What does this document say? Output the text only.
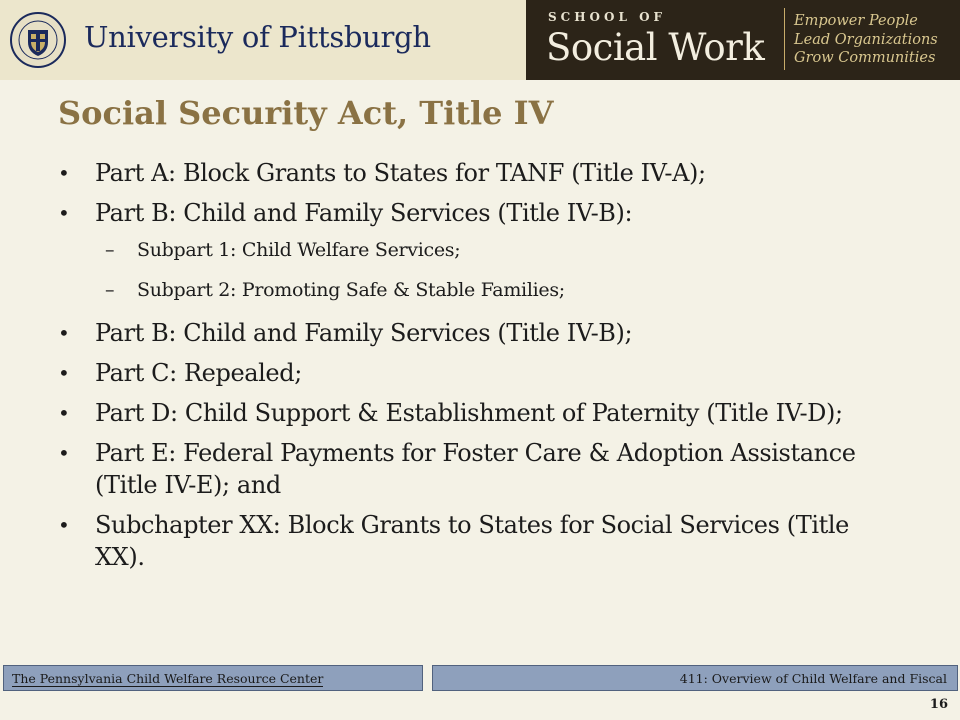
University of Pittsburgh
SCHOOL OF
Social Work
Empower People
Lead Organizations
Grow Communities
Social Security Act, Title IV
• Part A: Block Grants to States for TANF (Title IV-A);
• Part B: Child and Family Services (Title IV-B):
– Subpart 1: Child Welfare Services;
– Subpart 2: Promoting Safe & Stable Families;
• Part B: Child and Family Services (Title IV-B);
• Part C: Repealed;
• Part D: Child Support & Establishment of Paternity (Title IV-D);
• Part E: Federal Payments for Foster Care & Adoption Assistance (Title IV-E); and
• Subchapter XX: Block Grants to States for Social Services (Title XX).
The Pennsylvania Child Welfare Resource Center	411: Overview of Child Welfare and Fiscal
16
